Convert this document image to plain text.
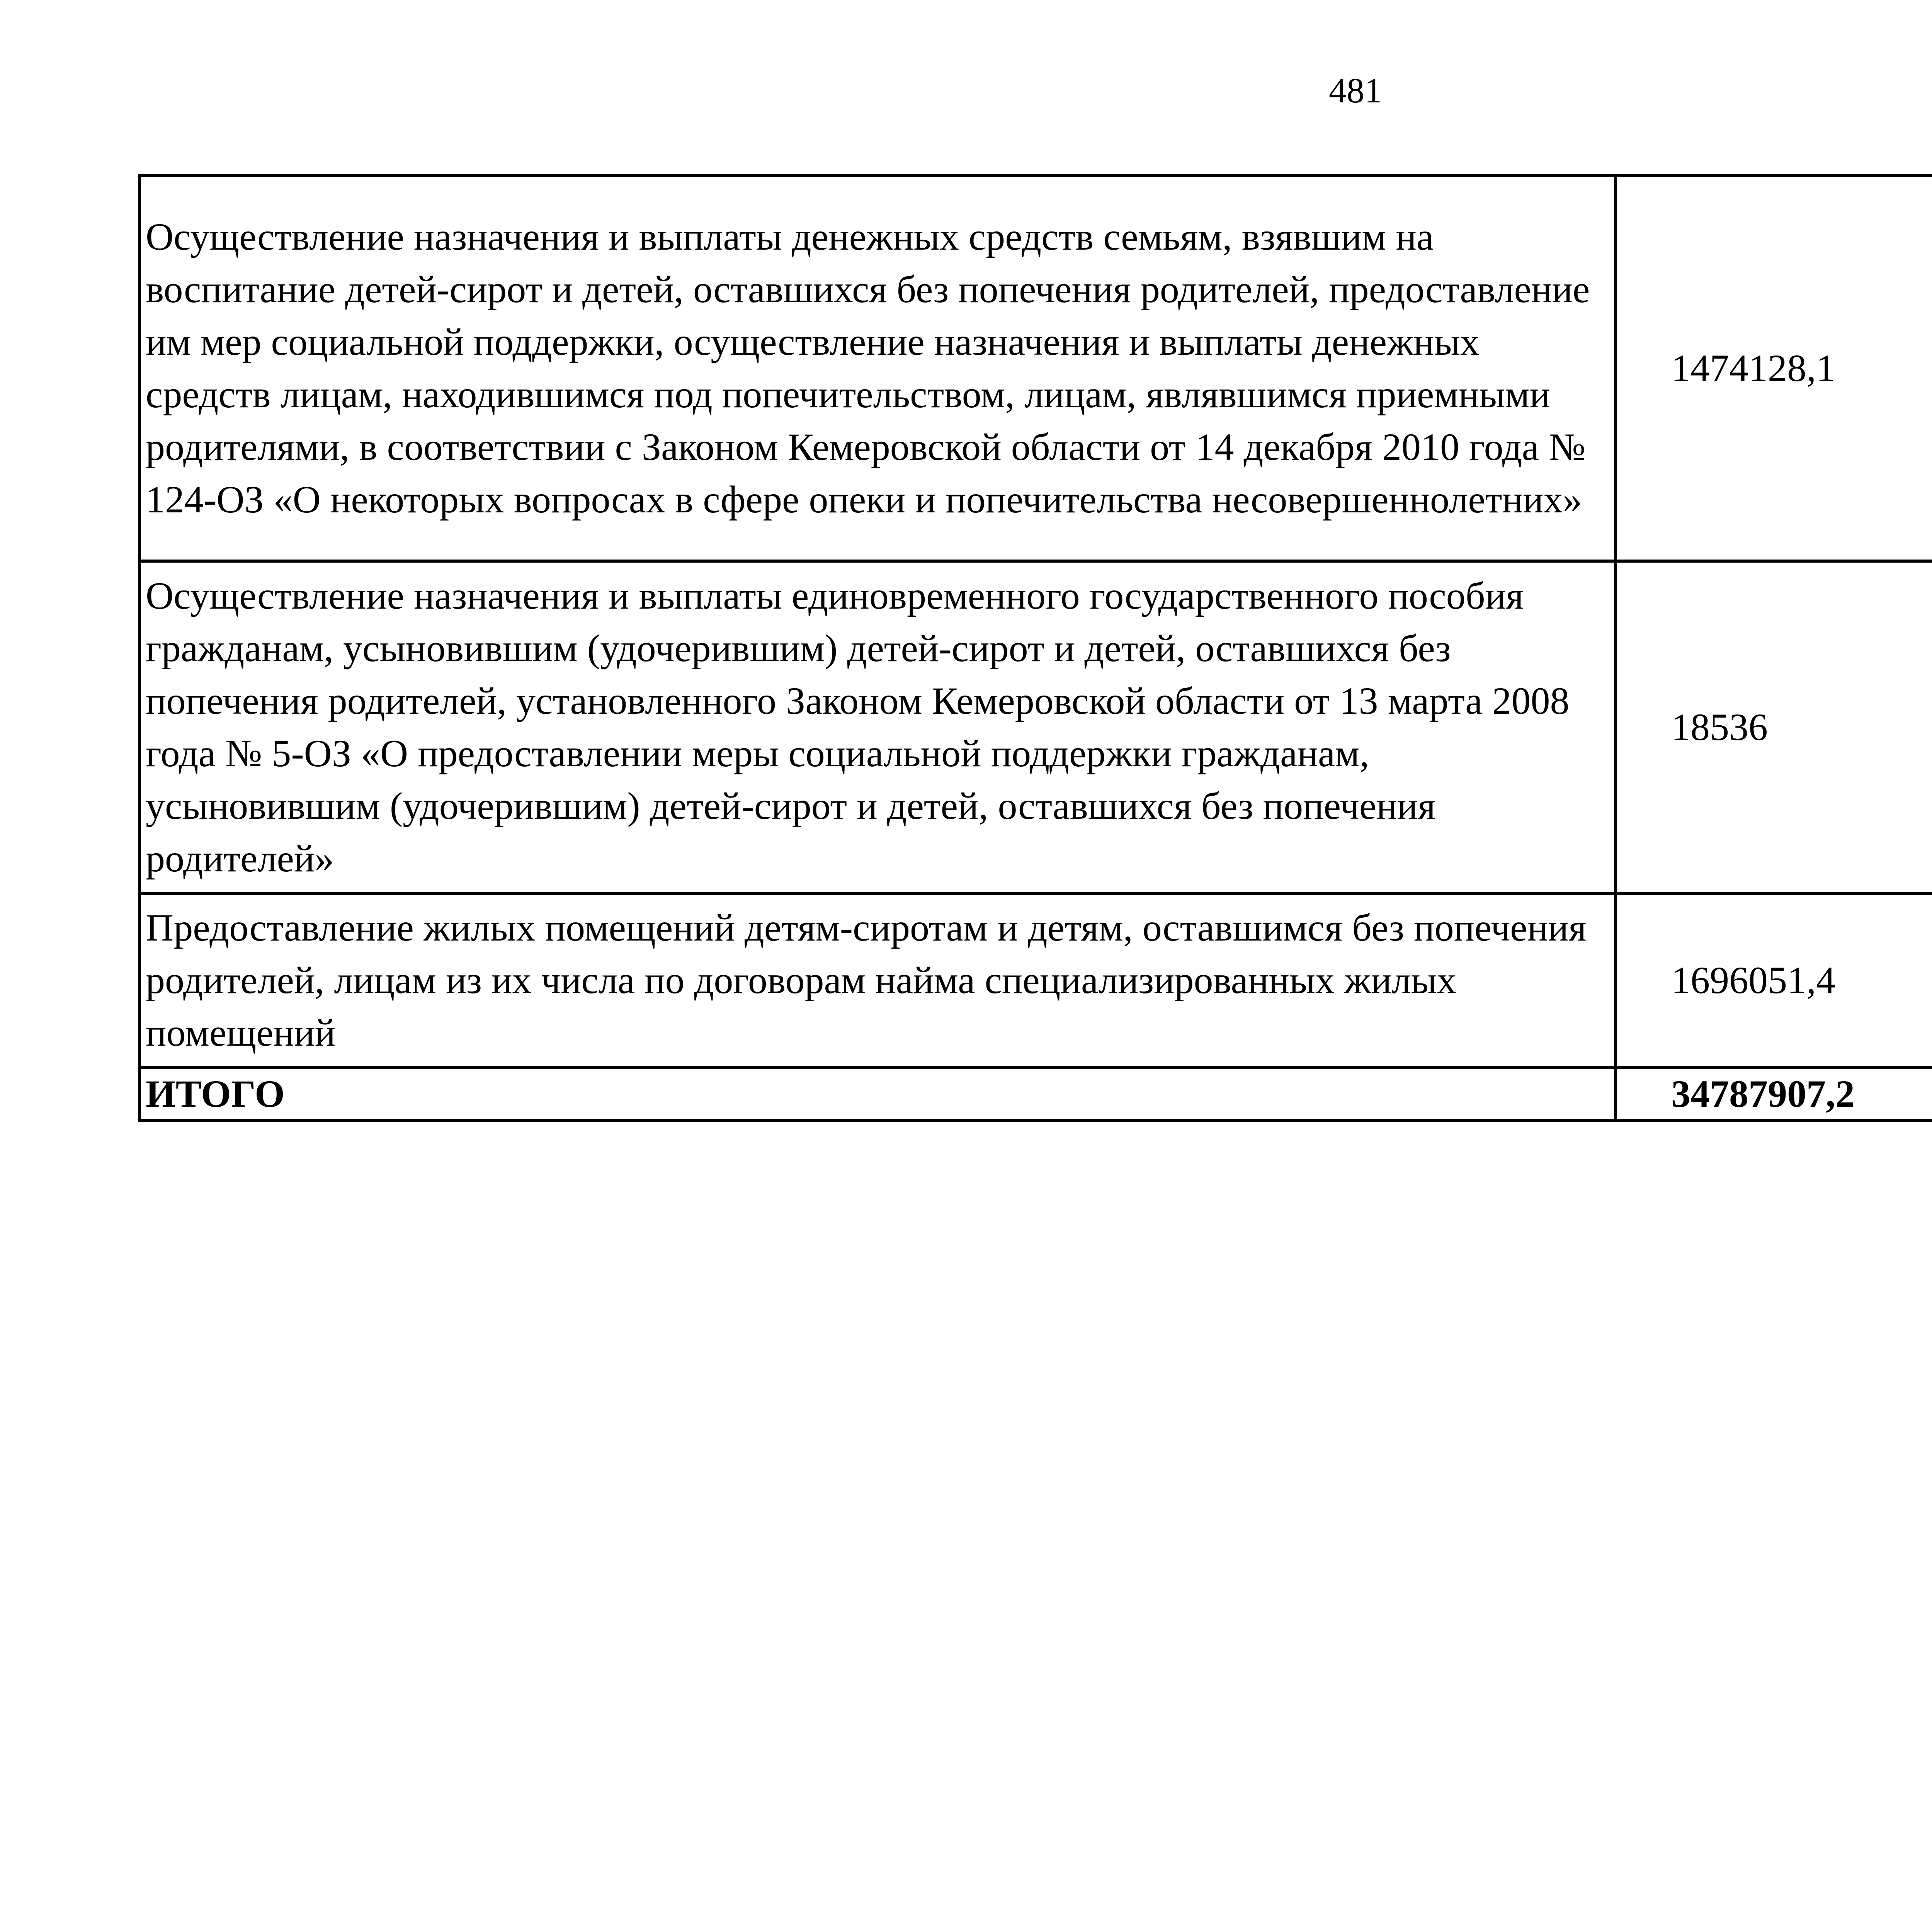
481
Осуществление назначения и выплаты денежных средств семьям, взявшим на воспитание детей-сирот и детей, оставшихся без попечения родителей, предоставление им мер социальной поддержки, осуществление назначения и выплаты денежных средств лицам, находившимся под попечительством, лицам, являвшимся приемными родителями, в соответствии с Законом Кемеровской области от 14 декабря 2010 года № 124-ОЗ «О некоторых вопросах в сфере опеки и попечительства несовершеннолетних»	1474128,1		
Осуществление назначения и выплаты единовременного государственного пособия гражданам, усыновившим (удочерившим) детей-сирот и детей, оставшихся без попечения родителей, установленного Законом Кемеровской области от 13 марта 2008 года № 5-ОЗ «О предоставлении меры социальной поддержки гражданам, усыновившим (удочерившим) детей-сирот и детей, оставшихся без попечения родителей»	18536		
Предоставление жилых помещений детям-сиротам и детям, оставшимся без попечения родителей, лицам из их числа по договорам найма специализированных жилых помещений	1696051,4		
ИТОГО	34787907,2		
